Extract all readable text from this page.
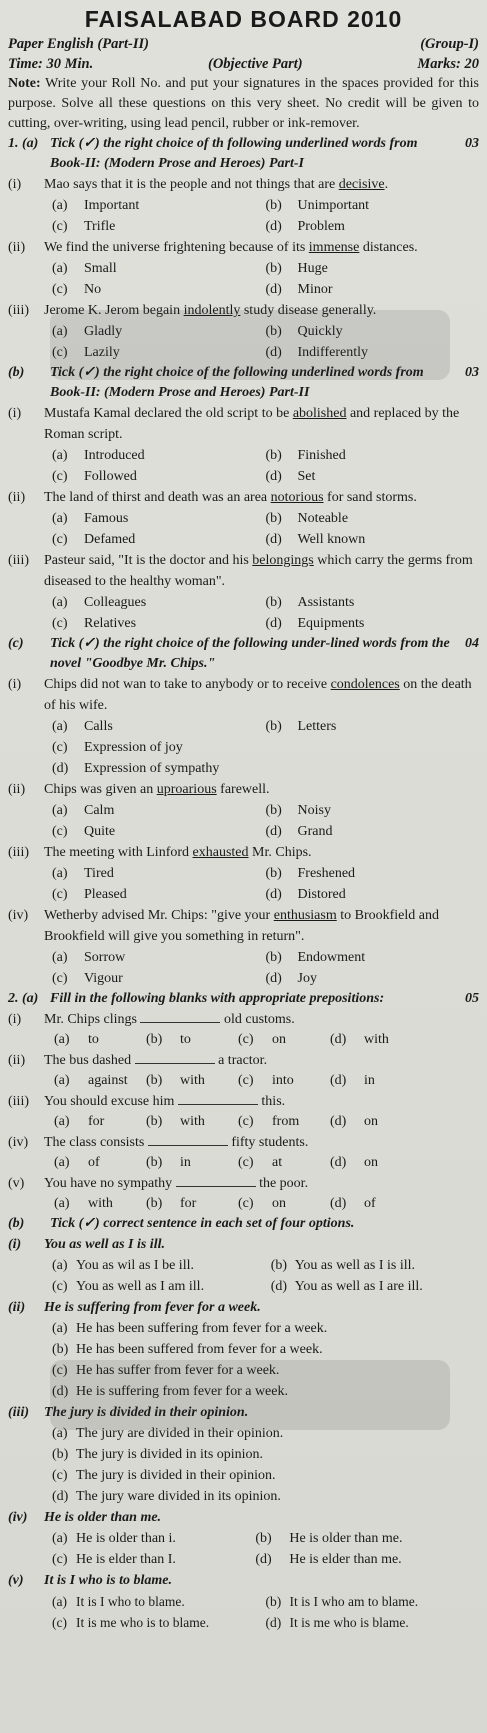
FAISALABAD BOARD 2010
Paper English (Part-II)	(Group-I)
Time: 30 Min.	(Objective Part)	Marks: 20
Note: Write your Roll No. and put your signatures in the spaces provided for this purpose. Solve all these questions on this very sheet. No credit will be given to cutting, over-writing, using lead pencil, rubber or ink-remover.
1. (a) Tick (✓) the right choice of th following underlined words from Book-II: (Modern Prose and Heroes) Part-I
03
(i)	Mao says that it is the people and not things that are decisive.
(a)	Important	(b)	Unimportant
(c)	Trifle	(d)	Problem
(ii)	We find the universe frightening because of its immense distances.
(a)	Small	(b)	Huge
(c)	No	(d)	Minor
(iii)	Jerome K. Jerom begain indolently study disease generally.
(a)	Gladly	(b)	Quickly
(c)	Lazily	(d)	Indifferently
(b)	Tick (✓) the right choice of the following underlined words from Book-II: (Modern Prose and Heroes) Part-II
03
(i)	Mustafa Kamal declared the old script to be abolished and replaced by the Roman script.
(a)	Introduced	(b)	Finished
(c)	Followed	(d)	Set
(ii)	The land of thirst and death was an area notorious for sand storms.
(a)	Famous	(b)	Noteable
(c)	Defamed	(d)	Well known
(iii)	Pasteur said, "It is the doctor and his belongings which carry the germs from diseased to the healthy woman".
(a)	Colleagues	(b)	Assistants
(c)	Relatives	(d)	Equipments
(c)	Tick (✓) the right choice of the following under-lined words from the novel "Goodbye Mr. Chips."
04
(i)	Chips did not wan to take to anybody or to receive condolences on the death of his wife.
(a)	Calls	(b)	Letters
(c)	Expression of joy
(d)	Expression of sympathy
(ii)	Chips was given an uproarious farewell.
(a)	Calm	(b)	Noisy
(c)	Quite	(d)	Grand
(iii)	The meeting with Linford exhausted Mr. Chips.
(a)	Tired	(b)	Freshened
(c)	Pleased	(d)	Distored
(iv)	Wetherby advised Mr. Chips: "give your enthusiasm to Brookfield and Brookfield will give you something in return".
(a)	Sorrow	(b)	Endowment
(c)	Vigour	(d)	Joy
2. (a) Fill in the following blanks with appropriate prepositions:	05
(i)	Mr. Chips clings	old customs.
(a)	to	(b)	to	(c)	on	(d)	with
(ii)	The bus dashed	a tractor.
(a)	against	(b)	with	(c)	into	(d)	in
(iii)	You should excuse him	this.
(a)	for	(b)	with	(c)	from	(d)	on
(iv)	The class consists	fifty students.
(a)	of	(b)	in	(c)	at	(d)	on
(v)	You have no sympathy	the poor.
(a)	with	(b)	for	(c)	on	(d)	of
(b)	Tick (✓) correct sentence in each set of four options.
(i)	You as well as I is ill.
(a) You as wil as I be ill.	(b) You as well as I is ill.
(c) You as well as I am ill.	(d) You as well as I are ill.
(ii)	He is suffering from fever for a week.
(a) He has been suffering from fever for a week.
(b) He has been suffered from fever for a week.
(c) He has suffer from fever for a week.
(d) He is suffering from fever for a week.
(iii)	The jury is divided in their opinion.
(a) The jury are divided in their opinion.
(b) The jury is divided in its opinion.
(c) The jury is divided in their opinion.
(d) The jury ware divided in its opinion.
(iv)	He is older than me.
(a) He is older than i.	(b)	He is older than me.
(c) He is elder than I.	(d)	He is elder than me.
(v)	It is I who is to blame.
(a) It is I who to blame.	(b) It is I who am to blame.
(c) It is me who is to blame.	(d) It is me who is blame.
